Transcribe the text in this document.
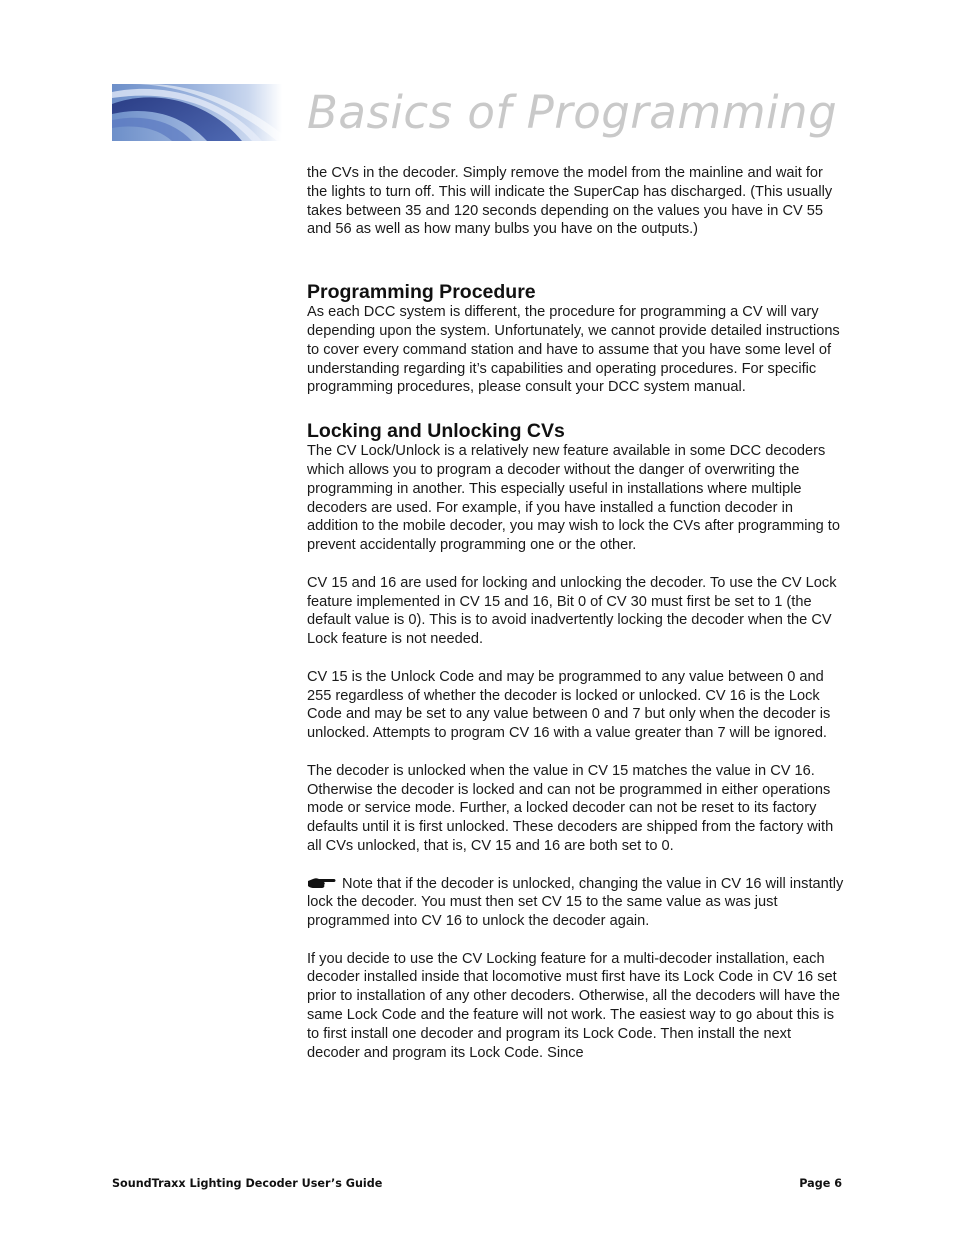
Basics of Programming

the CVs in the decoder. Simply remove the model from the mainline and wait for the lights to turn off. This will indicate the SuperCap has discharged. (This usually takes between 35 and 120 seconds depending on the values you have in CV 55 and 56 as well as how many bulbs you have on the outputs.)

Programming Procedure

As each DCC system is different, the procedure for programming a CV will vary depending upon the system. Unfortunately, we cannot provide detailed instructions to cover every command station and have to assume that you have some level of understanding regarding it’s capabilities and operating procedures. For specific programming procedures, please consult your DCC system manual.

Locking and Unlocking CVs

The CV Lock/Unlock is a relatively new feature available in some DCC decoders which allows you to program a decoder without the danger of overwriting the programming in another. This especially useful in installations where multiple decoders are used. For example, if you have installed a function decoder in addition to the mobile decoder, you may wish to lock the CVs after programming to prevent accidentally programming one or the other.

CV 15 and 16 are used for locking and unlocking the decoder. To use the CV Lock feature implemented in CV 15 and 16, Bit 0 of CV 30 must first be set to 1 (the default value is 0). This is to avoid inadvertently locking the decoder when the CV Lock feature is not needed.

CV 15 is the Unlock Code and may be programmed to any value between 0 and 255 regardless of whether the decoder is locked or unlocked. CV 16 is the Lock Code and may be set to any value between 0 and 7 but only when the decoder is unlocked. Attempts to program CV 16 with a value greater than 7 will be ignored.

The decoder is unlocked when the value in CV 15 matches the value in CV 16. Otherwise the decoder is locked and can not be programmed in either operations mode or service mode. Further, a locked decoder can not be reset to its factory defaults until it is first unlocked. These decoders are shipped from the factory with all CVs unlocked, that is, CV 15 and 16 are both set to 0.

Note that if the decoder is unlocked, changing the value in CV 16 will instantly lock the decoder. You must then set CV 15 to the same value as was just programmed into CV 16 to unlock the decoder again.

If you decide to use the CV Locking feature for a multi-decoder installation, each decoder installed inside that locomotive must first have its Lock Code in CV 16 set prior to installation of any other decoders. Otherwise, all the decoders will have the same Lock Code and the feature will not work. The easiest way to go about this is to first install one decoder and program its Lock Code. Then install the next decoder and program its Lock Code. Since

SoundTraxx Lighting Decoder User’s Guide	Page 6
